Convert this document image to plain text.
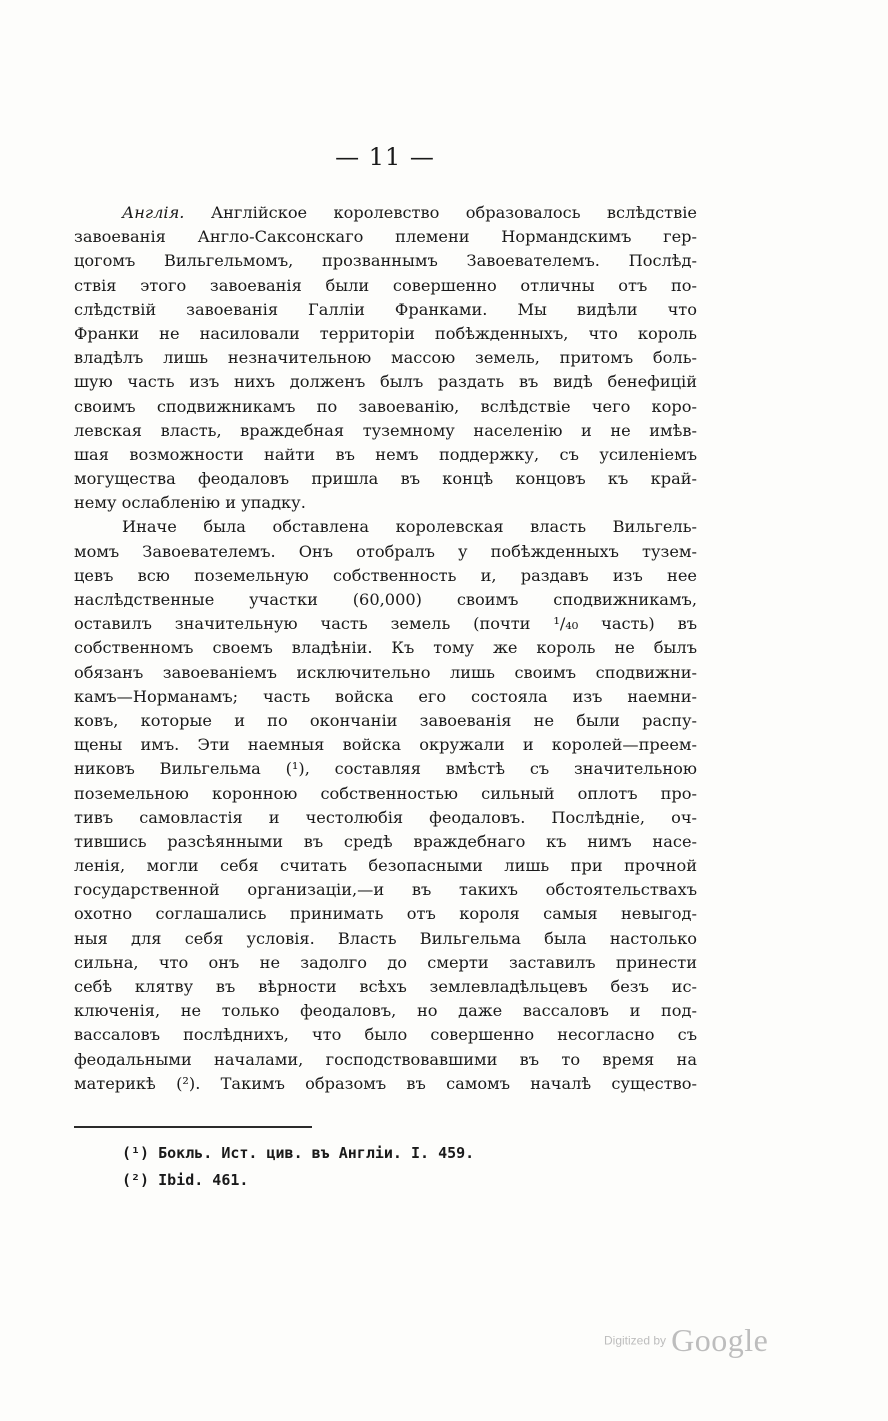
— 11 —
Англія. Англійское королевство образовалось вслѣдствіе
завоеванія Англо-Саксонскаго племени Нормандскимъ гер-
цогомъ Вильгельмомъ, прозваннымъ Завоевателемъ. Послѣд-
ствія этого завоеванія были совершенно отличны отъ по-
слѣдствій завоеванія Галліи Франками. Мы видѣли что
Франки не насиловали территоріи побѣжденныхъ, что король
владѣлъ лишь незначительною массою земель, притомъ боль-
шую часть изъ нихъ долженъ былъ раздать въ видѣ бенефицій
своимъ сподвижникамъ по завоеванію, вслѣдствіе чего коро-
левская власть, враждебная туземному населенію и не имѣв-
шая возможности найти въ немъ поддержку, съ усиленіемъ
могущества феодаловъ пришла въ концѣ концовъ къ край-
нему ослабленію и упадку.
Иначе была обставлена королевская власть Вильгель-
момъ Завоевателемъ. Онъ отобралъ у побѣжденныхъ тузем-
цевъ всю поземельную собственность и, раздавъ изъ нее
наслѣдственные участки (60,000) своимъ сподвижникамъ,
оставилъ значительную часть земель (почти ¹/₄₀ часть) въ
собственномъ своемъ владѣніи. Къ тому же король не былъ
обязанъ завоеваніемъ исключительно лишь своимъ сподвижни-
камъ—Норманамъ; часть войска его состояла изъ наемни-
ковъ, которые и по окончаніи завоеванія не были распу-
щены имъ. Эти наемныя войска окружали и королей—преем-
никовъ Вильгельма (¹), составляя вмѣстѣ съ значительною
поземельною коронною собственностью сильный оплотъ про-
тивъ самовластія и честолюбія феодаловъ. Послѣдніе, оч-
тившись разсѣянными въ средѣ враждебнаго къ нимъ насе-
ленія, могли себя считать безопасными лишь при прочной
государственной организаціи,—и въ такихъ обстоятельствахъ
охотно соглашались принимать отъ короля самыя невыгод-
ныя для себя условія. Власть Вильгельма была настолько
сильна, что онъ не задолго до смерти заставилъ принести
себѣ клятву въ вѣрности всѣхъ землевладѣльцевъ безъ ис-
ключенія, не только феодаловъ, но даже вассаловъ и под-
вассаловъ послѣднихъ, что было совершенно несогласно съ
феодальными началами, господствовавшими въ то время на
материкѣ (²). Такимъ образомъ въ самомъ началѣ существо-
(¹) Бокль. Ист. цив. въ Англіи. I. 459.
(²) Ibid. 461.
Digitized by Google
